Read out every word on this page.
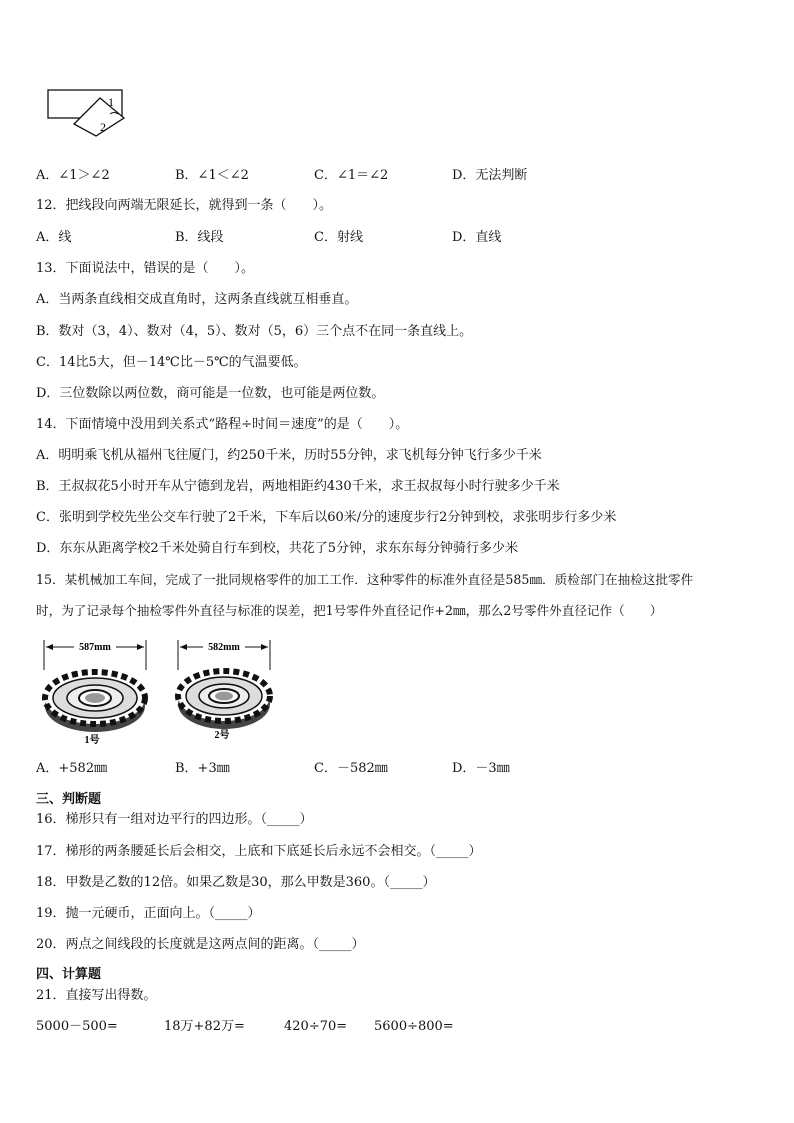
1
2
A．∠1＞∠2	B．∠1＜∠2	C．∠1＝∠2	D．无法判断
12．把线段向两端无限延长，就得到一条（　　）。
A．线	B．线段	C．射线	D．直线
13．下面说法中，错误的是（　　）。
A．当两条直线相交成直角时，这两条直线就互相垂直。
B．数对（3，4）、数对（4，5）、数对（5，6）三个点不在同一条直线上。
C．14比5大，但－14℃比－5℃的气温要低。
D．三位数除以两位数，商可能是一位数，也可能是两位数。
14．下面情境中没用到关系式“路程÷时间＝速度”的是（　　）。
A．明明乘飞机从福州飞往厦门，约250千米，历时55分钟，求飞机每分钟飞行多少千米
B．王叔叔花5小时开车从宁德到龙岩，两地相距约430千米，求王叔叔每小时行驶多少千米
C．张明到学校先坐公交车行驶了2千米，下车后以60米/分的速度步行2分钟到校，求张明步行多少米
D．东东从距离学校2千米处骑自行车到校，共花了5分钟，求东东每分钟骑行多少米
15．某机械加工车间，完成了一批同规格零件的加工工作．这种零件的标准外直径是585㎜．质检部门在抽检这批零件
时，为了记录每个抽检零件外直径与标准的误差，把1号零件外直径记作+2㎜，那么2号零件外直径记作（　　）
587mm
1号
582mm
2号
A．+582㎜	B．+3㎜	C．－582㎜	D．－3㎜
三、判断题
16．梯形只有一组对边平行的四边形。（_____）
17．梯形的两条腰延长后会相交，上底和下底延长后永远不会相交。（_____）
18．甲数是乙数的12倍。如果乙数是30，那么甲数是360。（_____）
19．抛一元硬币，正面向上。（_____）
20．两点之间线段的长度就是这两点间的距离。（_____）
四、计算题
21．直接写出得数。
5000－500=	18万+82万=	420÷70= 5600÷800=
